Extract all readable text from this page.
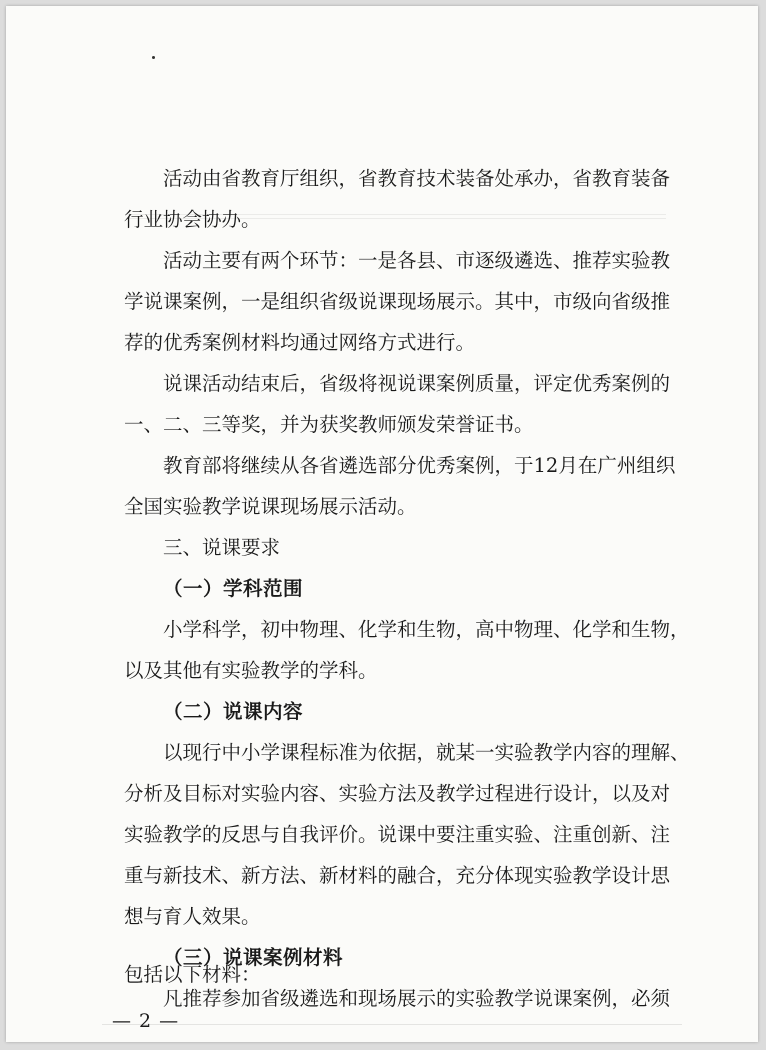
活动由省教育厅组织，省教育技术装备处承办，省教育装备
行业协会协办。
活动主要有两个环节：一是各县、市逐级遴选、推荐实验教
学说课案例，一是组织省级说课现场展示。其中，市级向省级推
荐的优秀案例材料均通过网络方式进行。
说课活动结束后，省级将视说课案例质量，评定优秀案例的
一、二、三等奖，并为获奖教师颁发荣誉证书。
教育部将继续从各省遴选部分优秀案例，于12月在广州组织
全国实验教学说课现场展示活动。
三、说课要求
（一）学科范围
小学科学，初中物理、化学和生物，高中物理、化学和生物，
以及其他有实验教学的学科。
（二）说课内容
以现行中小学课程标准为依据，就某一实验教学内容的理解、
分析及目标对实验内容、实验方法及教学过程进行设计，以及对
实验教学的反思与自我评价。说课中要注重实验、注重创新、注
重与新技术、新方法、新材料的融合，充分体现实验教学设计思
想与育人效果。
（三）说课案例材料
凡推荐参加省级遴选和现场展示的实验教学说课案例，必须
包括以下材料：
— 2 —
